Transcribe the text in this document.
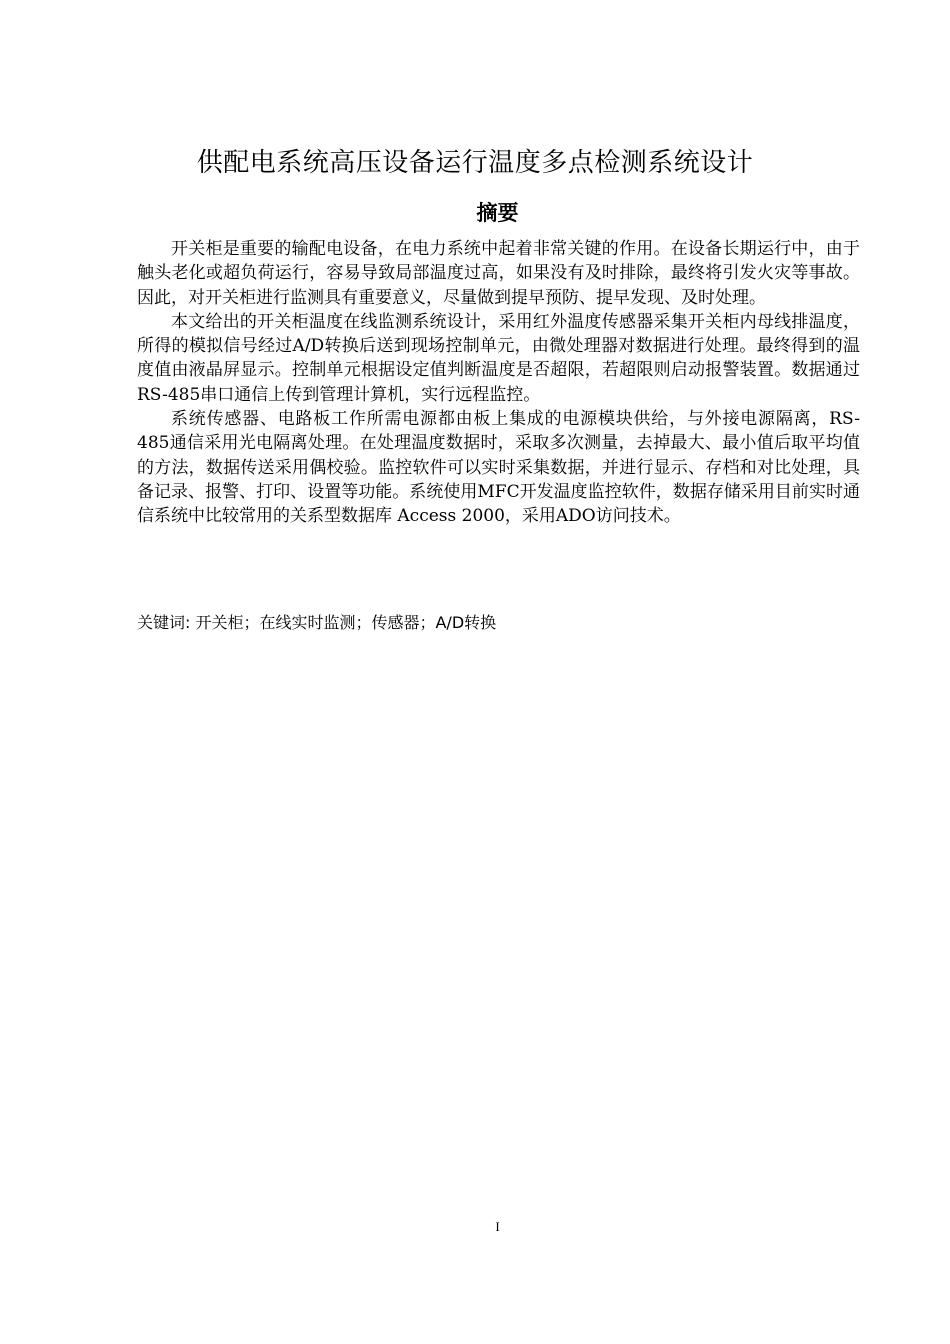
供配电系统高压设备运行温度多点检测系统设计
摘要

开关柜是重要的输配电设备，在电力系统中起着非常关键的作用。在设备长期运行中，由于触头老化或超负荷运行，容易导致局部温度过高，如果没有及时排除，最终将引发火灾等事故。因此，对开关柜进行监测具有重要意义，尽量做到提早预防、提早发现、及时处理。

本文给出的开关柜温度在线监测系统设计，采用红外温度传感器采集开关柜内母线排温度，所得的模拟信号经过A/D转换后送到现场控制单元，由微处理器对数据进行处理。最终得到的温度值由液晶屏显示。控制单元根据设定值判断温度是否超限，若超限则启动报警装置。数据通过RS-485串口通信上传到管理计算机，实行远程监控。

系统传感器、电路板工作所需电源都由板上集成的电源模块供给，与外接电源隔离，RS-485通信采用光电隔离处理。在处理温度数据时，采取多次测量，去掉最大、最小值后取平均值的方法，数据传送采用偶校验。监控软件可以实时采集数据，并进行显示、存档和对比处理，具备记录、报警、打印、设置等功能。系统使用MFC开发温度监控软件，数据存储采用目前实时通信系统中比较常用的关系型数据库 Access 2000，采用ADO访问技术。

关键词: 开关柜；在线实时监测；传感器；A/D转换
I
